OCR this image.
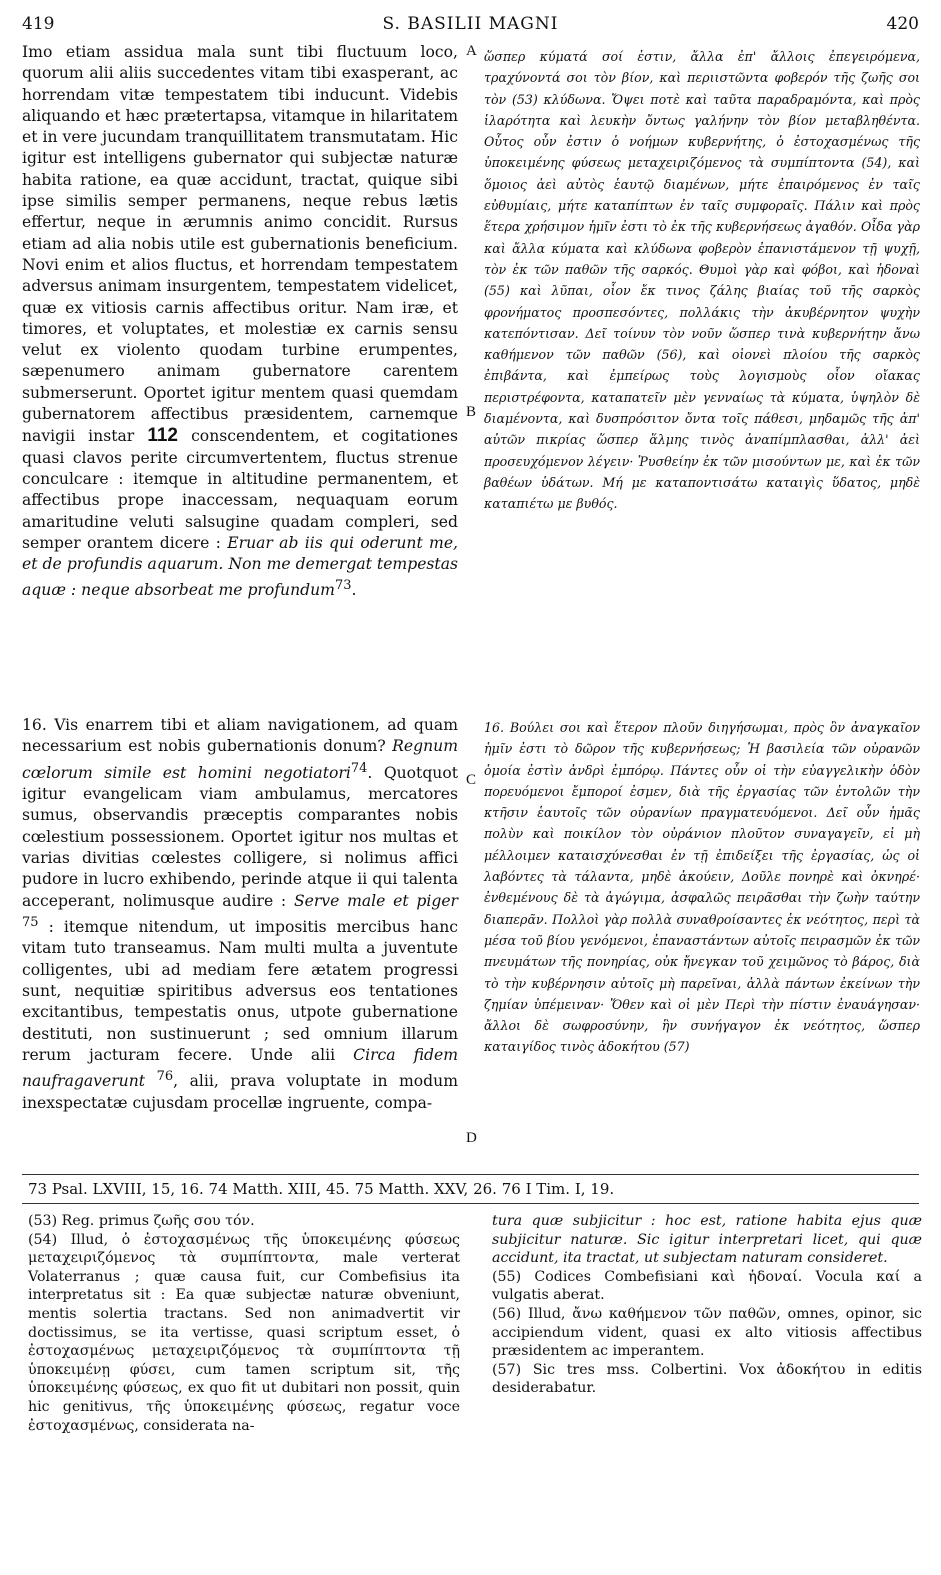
419	S. BASILII MAGNI	420
Imo etiam assidua mala sunt tibi fluctuum loco, quorum alii aliis succedentes vitam tibi exasperant, ac horrendam vitæ tempestatem tibi inducunt. Videbis aliquando et hæc prætertapsa, vitamque in hilaritatem et in vere jucundam tranquillitatem transmutatam. Hic igitur est intelligens gubernator qui subjectæ naturæ habita ratione, ea quæ accidunt, tractat, quique sibi ipse similis semper permanens, neque rebus lætis effertur, neque in ærumnis animo concidit. Rursus etiam ad alia nobis utile est gubernationis beneficium. Novi enim et alios fluctus, et horrendam tempestatem adversus animam insurgentem, tempestatem videlicet, quæ ex vitiosis carnis affectibus oritur. Nam iræ, et timores, et voluptates, et molestiæ ex carnis sensu velut ex violento quodam turbine erumpentes, sæpenumero animam gubernatore carentem submerserunt. Oportet igitur mentem quasi quemdam gubernatorem affectibus præsidentem, carnemque navigii instar 112 conscendentem, et cogitationes quasi clavos perite circumvertentem, fluctus strenue conculcare : itemque in altitudine permanentem, et affectibus prope inaccessam, nequaquam eorum amaritudine veluti salsugine quadam compleri, sed semper orantem dicere : Eruar ab iis qui oderunt me, et de profundis aquarum. Non me demergat tempestas aquæ : neque absorbeat me profundum$^{73}$.
16. Vis enarrem tibi et aliam navigationem, ad quam necessarium est nobis gubernationis donum? Regnum cœlorum simile est homini negotiatori$^{74}$. Quotquot igitur evangelicam viam ambulamus, mercatores sumus, observandis præceptis comparantes nobis cœlestium possessionem. Oportet igitur nos multas et varias divitias cœlestes colligere, si nolimus affici pudore in lucro exhibendo, perinde atque ii qui talenta acceperant, nolimusque audire : Serve male et piger $^{75}$ : itemque nitendum, ut impositis mercibus hanc vitam tuto transeamus. Nam multi multa a juventute colligentes, ubi ad mediam fere ætatem progressi sunt, nequitiæ spiritibus adversus eos tentationes excitantibus, tempestatis onus, utpote gubernatione destituti, non sustinuerunt ; sed omnium illarum rerum jacturam fecere. Unde alii Circa fidem naufragaverunt $^{76}$, alii, prava voluptate in modum inexspectatæ cujusdam procellæ ingruente, compa-
A
B
C
D
ὥσπερ κύματά σοί ἐστιν, ἄλλα ἐπ' ἄλλοις ἐπεγειρόμενα, τραχύνοντά σοι τὸν βίον, καὶ περιιστῶντα φοβερόν τῆς ζωῆς σοι τὸν (53) κλύδωνα. Ὄψει ποτὲ καὶ ταῦτα παραδραμόντα, καὶ πρὸς ἱλαρότητα καὶ λευκὴν ὄντως γαλήνην τὸν βίον μεταβληθέντα. Οὗτος οὖν ἐστιν ὁ νοήμων κυβερνήτης, ὁ ἐστοχασμένως τῆς ὑποκειμένης φύσεως μεταχειριζόμενος τὰ συμπίπτοντα (54), καὶ ὅμοιος ἀεὶ αὐτὸς ἑαυτῷ διαμένων, μήτε ἐπαιρόμενος ἐν ταῖς εὐθυμίαις, μήτε καταπίπτων ἐν ταῖς συμφοραῖς. Πάλιν καὶ πρὸς ἕτερα χρήσιμον ἡμῖν ἐστι τὸ ἐκ τῆς κυβερνήσεως ἀγαθόν. Οἶδα γὰρ καὶ ἄλλα κύματα καὶ κλύδωνα φοβερὸν ἐπανιστάμενον τῇ ψυχῇ, τὸν ἐκ τῶν παθῶν τῆς σαρκός. Θυμοὶ γὰρ καὶ φόβοι, καὶ ἡδοναὶ (55) καὶ λῦπαι, οἷον ἔκ τινος ζάλης βιαίας τοῦ τῆς σαρκὸς φρονήματος προσπεσόντες, πολλάκις τὴν ἀκυβέρνητον ψυχὴν κατεπόντισαν. Δεῖ τοίνυν τὸν νοῦν ὥσπερ τινὰ κυβερνήτην ἄνω καθήμενον τῶν παθῶν (56), καὶ οἱονεὶ πλοίου τῆς σαρκὸς ἐπιβάντα, καὶ ἐμπείρως τοὺς λογισμοὺς οἷον οἴακας περιστρέφοντα, καταπατεῖν μὲν γενναίως τὰ κύματα, ὑψηλὸν δὲ διαμένοντα, καὶ δυσπρόσιτον ὄντα τοῖς πάθεσι, μηδαμῶς τῆς ἀπ' αὐτῶν πικρίας ὥσπερ ἅλμης τινὸς ἀναπίμπλασθαι, ἀλλ' ἀεὶ προσευχόμενον λέγειν· Ῥυσθείην ἐκ τῶν μισούντων με, καὶ ἐκ τῶν βαθέων ὑδάτων. Μή με καταποντισάτω καταιγὶς ὕδατος, μηδὲ καταπιέτω με βυθός.
16. Βούλει σοι καὶ ἕτερον πλοῦν διηγήσωμαι, πρὸς ὃν ἀναγκαῖον ἡμῖν ἐστι τὸ δῶρον τῆς κυβερνήσεως; Ἡ βασιλεία τῶν οὐρανῶν ὁμοία ἐστὶν ἀνδρὶ ἐμπόρῳ. Πάντες οὖν οἱ τὴν εὐαγγελικὴν ὁδὸν πορευόμενοι ἔμποροί ἐσμεν, διὰ τῆς ἐργασίας τῶν ἐντολῶν τὴν κτῆσιν ἑαυτοῖς τῶν οὐρανίων πραγματευόμενοι. Δεῖ οὖν ἡμᾶς πολὺν καὶ ποικίλον τὸν οὐράνιον πλοῦτον συναγαγεῖν, εἰ μὴ μέλλοιμεν καταισχύνεσθαι ἐν τῇ ἐπιδείξει τῆς ἐργασίας, ὡς οἱ λαβόντες τὰ τάλαντα, μηδὲ ἀκούειν, Δοῦλε πονηρὲ καὶ ὀκνηρέ· ἐνθεμένους δὲ τὰ ἀγώγιμα, ἀσφαλῶς πειρᾶσθαι τὴν ζωὴν ταύτην διαπερᾶν. Πολλοὶ γὰρ πολλὰ συναθροίσαντες ἐκ νεότητος, περὶ τὰ μέσα τοῦ βίου γενόμενοι, ἐπαναστάντων αὐτοῖς πειρασμῶν ἐκ τῶν πνευμάτων τῆς πονηρίας, οὐκ ἤνεγκαν τοῦ χειμῶνος τὸ βάρος, διὰ τὸ τὴν κυβέρνησιν αὐτοῖς μὴ παρεῖναι, ἀλλὰ πάντων ἐκείνων τὴν ζημίαν ὑπέμειναν· Ὅθεν καὶ οἱ μὲν Περὶ τὴν πίστιν ἐναυάγησαν· ἄλλοι δὲ σωφροσύνην, ἣν συνήγαγον ἐκ νεότητος, ὥσπερ καταιγίδος τινὸς ἀδοκήτου (57)
73 Psal. LXVIII, 15, 16. 74 Matth. XIII, 45. 75 Matth. XXV, 26. 76 I Tim. I, 19.
(53) Reg. primus ζωῆς σου τόν.
(54) Illud, ὁ ἐστοχασμένως τῆς ὑποκειμένης φύσεως μεταχειριζόμενος τὰ συμπίπτοντα, male verterat Volaterranus ; quæ causa fuit, cur Combefisius ita interpretatus sit : Ea quæ subjectæ naturæ obveniunt, mentis solertia tractans. Sed non animadvertit vir doctissimus, se ita vertisse, quasi scriptum esset, ὁ ἐστοχασμένως μεταχειριζόμενος τὰ συμπίπτοντα τῇ ὑποκειμένῃ φύσει, cum tamen scriptum sit, τῆς ὑποκειμένης φύσεως, ex quo fit ut dubitari non possit, quin hic genitivus, τῆς ὑποκειμένης φύσεως, regatur voce ἐστοχασμένως, considerata na-
tura quæ subjicitur : hoc est, ratione habita ejus quæ subjicitur naturæ. Sic igitur interpretari licet, qui quæ accidunt, ita tractat, ut subjectam naturam consideret.
(55) Codices Combefisiani καὶ ἡδοναί. Vocula καί a vulgatis aberat.
(56) Illud, ἄνω καθήμενον τῶν παθῶν, omnes, opinor, sic accipiendum vident, quasi ex alto vitiosis affectibus præsidentem ac imperantem.
(57) Sic tres mss. Colbertini. Vox ἀδοκήτου in editis desiderabatur.
